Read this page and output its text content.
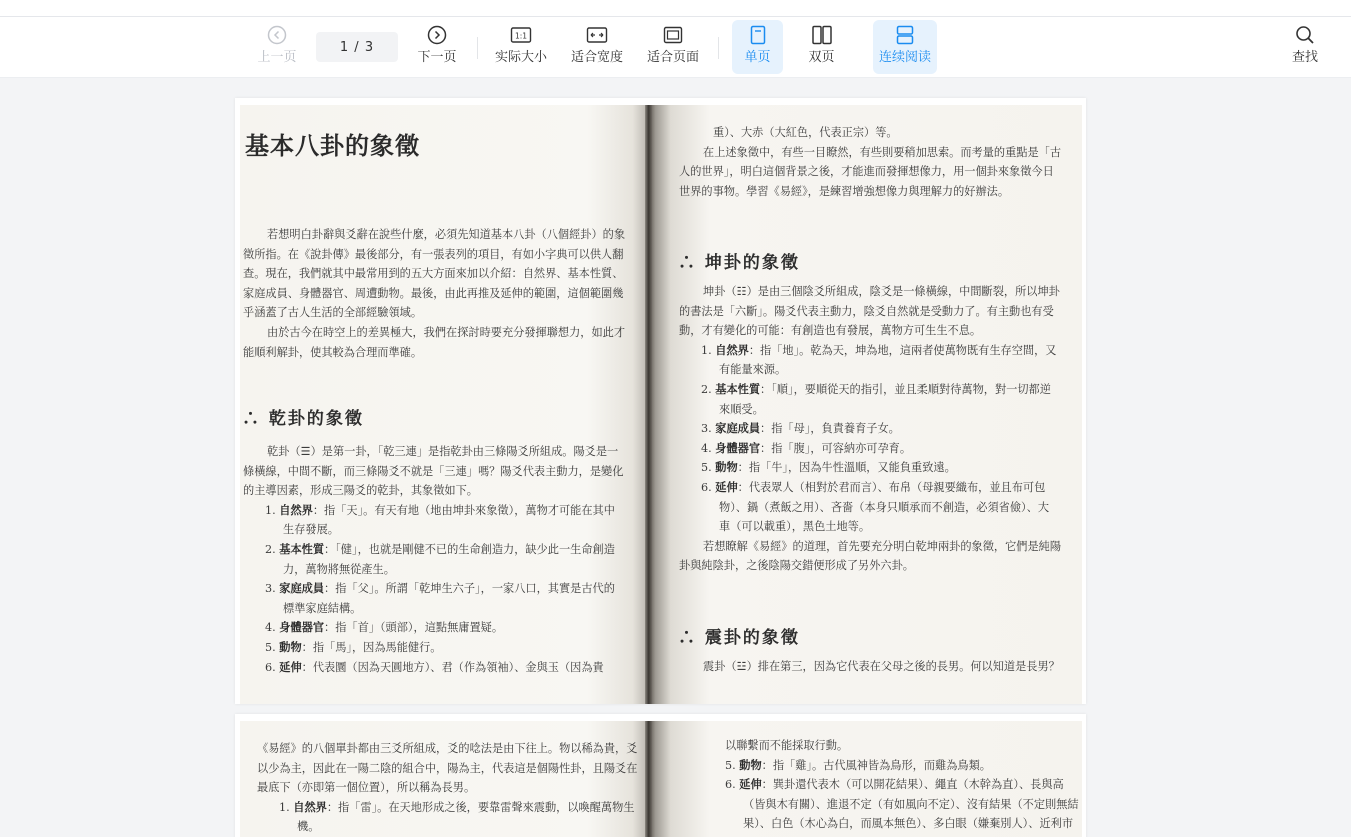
上一页
1 / 3
下一页
1:1
实际大小 适合宽度 适合页面	单页	双页	连续阅读	查找
基本八卦的象徵

若想明白卦辭與爻辭在說些什麼，必須先知道基本八卦（八個經卦）的象

徵所指。在《說卦傳》最後部分，有一張表列的項目，有如小字典可以供人翻
查。現在，我們就其中最常用到的五大方面來加以介紹：自然界、基本性質、
家庭成員、身體器官、周遭動物。最後，由此再推及延伸的範圍，這個範圍幾
乎涵蓋了古人生活的全部經驗領域。

由於古今在時空上的差異極大，我們在探討時要充分發揮聯想力，如此才

能順利解卦，使其較為合理而準確。
∴ 乾卦的象徵

乾卦（☰）是第一卦，「乾三連」是指乾卦由三條陽爻所組成。陽爻是一

條橫線，中間不斷，而三條陽爻不就是「三連」嗎？陽爻代表主動力，是變化
的主導因素，形成三陽爻的乾卦，其象徵如下。
1. 自然界：指「天」。有天有地（地由坤卦來象徵），萬物才可能在其中
生存發展。
2. 基本性質：「健」，也就是剛健不已的生命創造力，缺少此一生命創造
力，萬物將無從產生。
3. 家庭成員：指「父」。所謂「乾坤生六子」，一家八口，其實是古代的
標準家庭結構。
4. 身體器官：指「首」（頭部），這點無庸置疑。
5. 動物：指「馬」，因為馬能健行。
6. 延伸：代表圜（因為天圓地方）、君（作為領袖）、金與玉（因為貴
重）、大赤（大紅色，代表正宗）等。

在上述象徵中，有些一目瞭然，有些則要稍加思索。而考量的重點是「古

人的世界」，明白這個背景之後，才能進而發揮想像力，用一個卦來象徵今日
世界的事物。學習《易經》，是練習增強想像力與理解力的好辦法。
∴ 坤卦的象徵

坤卦（☷）是由三個陰爻所組成，陰爻是一條橫線，中間斷裂，所以坤卦

的書法是「六斷」。陽爻代表主動力，陰爻自然就是受動力了。有主動也有受
動，才有變化的可能：有創造也有發展，萬物方可生生不息。
1. 自然界：指「地」。乾為天，坤為地，這兩者使萬物既有生存空間，又
有能量來源。
2. 基本性質：「順」，要順從天的指引，並且柔順對待萬物，對一切都逆
來順受。
3. 家庭成員：指「母」，負責養育子女。
4. 身體器官：指「腹」，可容納亦可孕育。
5. 動物：指「牛」，因為牛性溫順，又能負重致遠。
6. 延伸：代表眾人（相對於君而言）、布帛（母親要織布，並且布可包
物）、鍋（煮飯之用）、吝嗇（本身只順承而不創造，必須省儉）、大
車（可以載重），黑色土地等。

若想瞭解《易經》的道理，首先要充分明白乾坤兩卦的象徵，它們是純陽

卦與純陰卦，之後陰陽交錯便形成了另外六卦。
∴ 震卦的象徵

震卦（☳）排在第三，因為它代表在父母之後的長男。何以知道是長男？

《易經》的八個單卦都由三爻所組成，爻的唸法是由下往上。物以稀為貴，爻
以少為主，因此在一陽二陰的組合中，陽為主，代表這是個陽性卦，且陽爻在
最底下（亦即第一個位置），所以稱為長男。
1. 自然界：指「雷」。在天地形成之後，要靠雷聲來震動，以喚醒萬物生
機。
以聯繫而不能採取行動。
5. 動物：指「雞」。古代風神皆為鳥形，而雞為鳥類。
6. 延伸：巽卦還代表木（可以開花結果）、繩直（木幹為直）、長與高
（皆與木有關）、進退不定（有如風向不定）、沒有結果（不定則無結
果）、白色（木心為白，而風本無色）、多白眼（嫌棄別人）、近利市
